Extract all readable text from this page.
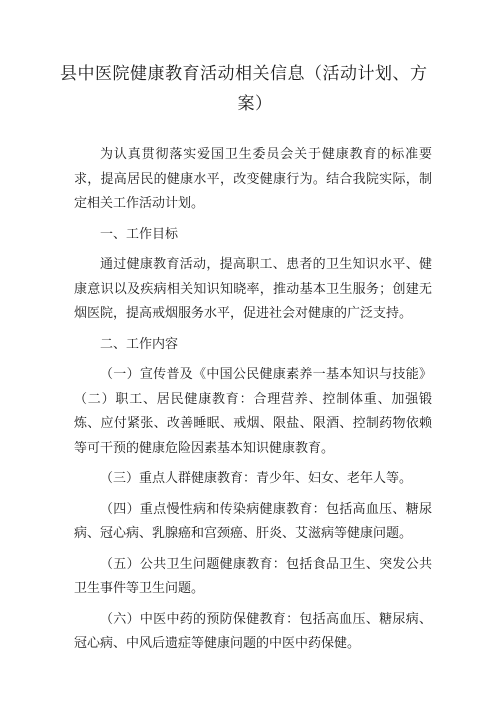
县中医院健康教育活动相关信息（活动计划、方
案）

为认真贯彻落实爱国卫生委员会关于健康教育的标准要求，提高居民的健康水平，改变健康行为。结合我院实际，制定相关工作活动计划。

一、工作目标

通过健康教育活动，提高职工、患者的卫生知识水平、健康意识以及疾病相关知识知晓率，推动基本卫生服务；创建无烟医院，提高戒烟服务水平，促进社会对健康的广泛支持。

二、工作内容

（一）宣传普及《中国公民健康素养一基本知识与技能》（二）职工、居民健康教育：合理营养、控制体重、加强锻炼、应付紧张、改善睡眠、戒烟、限盐、限酒、控制药物依赖等可干预的健康危险因素基本知识健康教育。

（三）重点人群健康教育：青少年、妇女、老年人等。

（四）重点慢性病和传染病健康教育：包括高血压、糖尿病、冠心病、乳腺癌和宫颈癌、肝炎、艾滋病等健康问题。

（五）公共卫生问题健康教育：包括食品卫生、突发公共卫生事件等卫生问题。

（六）中医中药的预防保健教育：包括高血压、糖尿病、冠心病、中风后遗症等健康问题的中医中药保健。
